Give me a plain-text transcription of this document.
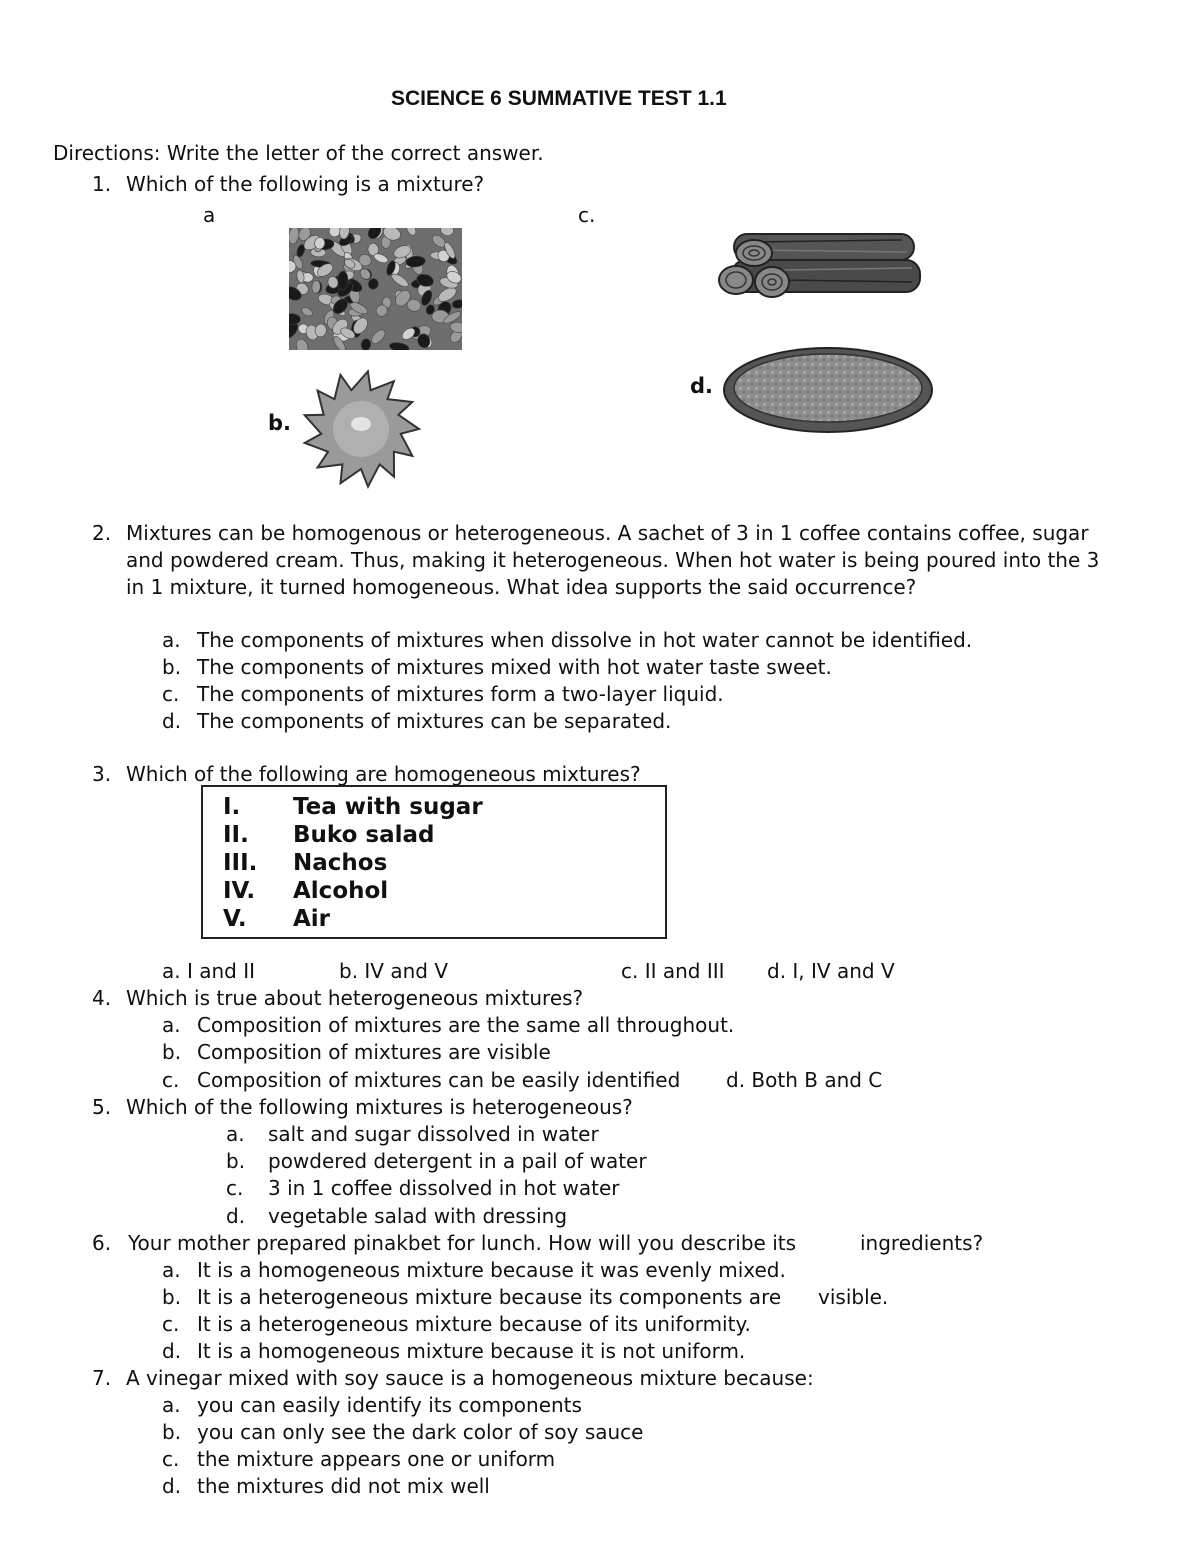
SCIENCE 6 SUMMATIVE TEST 1.1
Directions: Write the letter of the correct answer.
1. Which of the following is a mixture?
a	c.
b.
d.
2. Mixtures can be homogenous or heterogeneous. A sachet of 3 in 1 coffee contains coffee, sugar
and powdered cream. Thus, making it heterogeneous. When hot water is being poured into the 3
in 1 mixture, it turned homogeneous. What idea supports the said occurrence?
a. The components of mixtures when dissolve in hot water cannot be identified.
b. The components of mixtures mixed with hot water taste sweet.
c. The components of mixtures form a two-layer liquid.
d. The components of mixtures can be separated.
3. Which of the following are homogeneous mixtures?
I. Tea with sugar
II. Buko salad
III. Nachos
IV. Alcohol
V. Air
a. I and II	b. IV and V	c. II and III d. I, IV and V
4. Which is true about heterogeneous mixtures?
a. Composition of mixtures are the same all throughout.
b. Composition of mixtures are visible
c. Composition of mixtures can be easily identified d. Both B and C
5. Which of the following mixtures is heterogeneous?
a. salt and sugar dissolved in water
b. powdered detergent in a pail of water
c. 3 in 1 coffee dissolved in hot water
d. vegetable salad with dressing
6. Your mother prepared pinakbet for lunch. How will you describe its	ingredients?
a. It is a homogeneous mixture because it was evenly mixed.
b. It is a heterogeneous mixture because its components are visible.
c. It is a heterogeneous mixture because of its uniformity.
d. It is a homogeneous mixture because it is not uniform.
7. A vinegar mixed with soy sauce is a homogeneous mixture because:
a. you can easily identify its components
b. you can only see the dark color of soy sauce
c. the mixture appears one or uniform
d. the mixtures did not mix well
